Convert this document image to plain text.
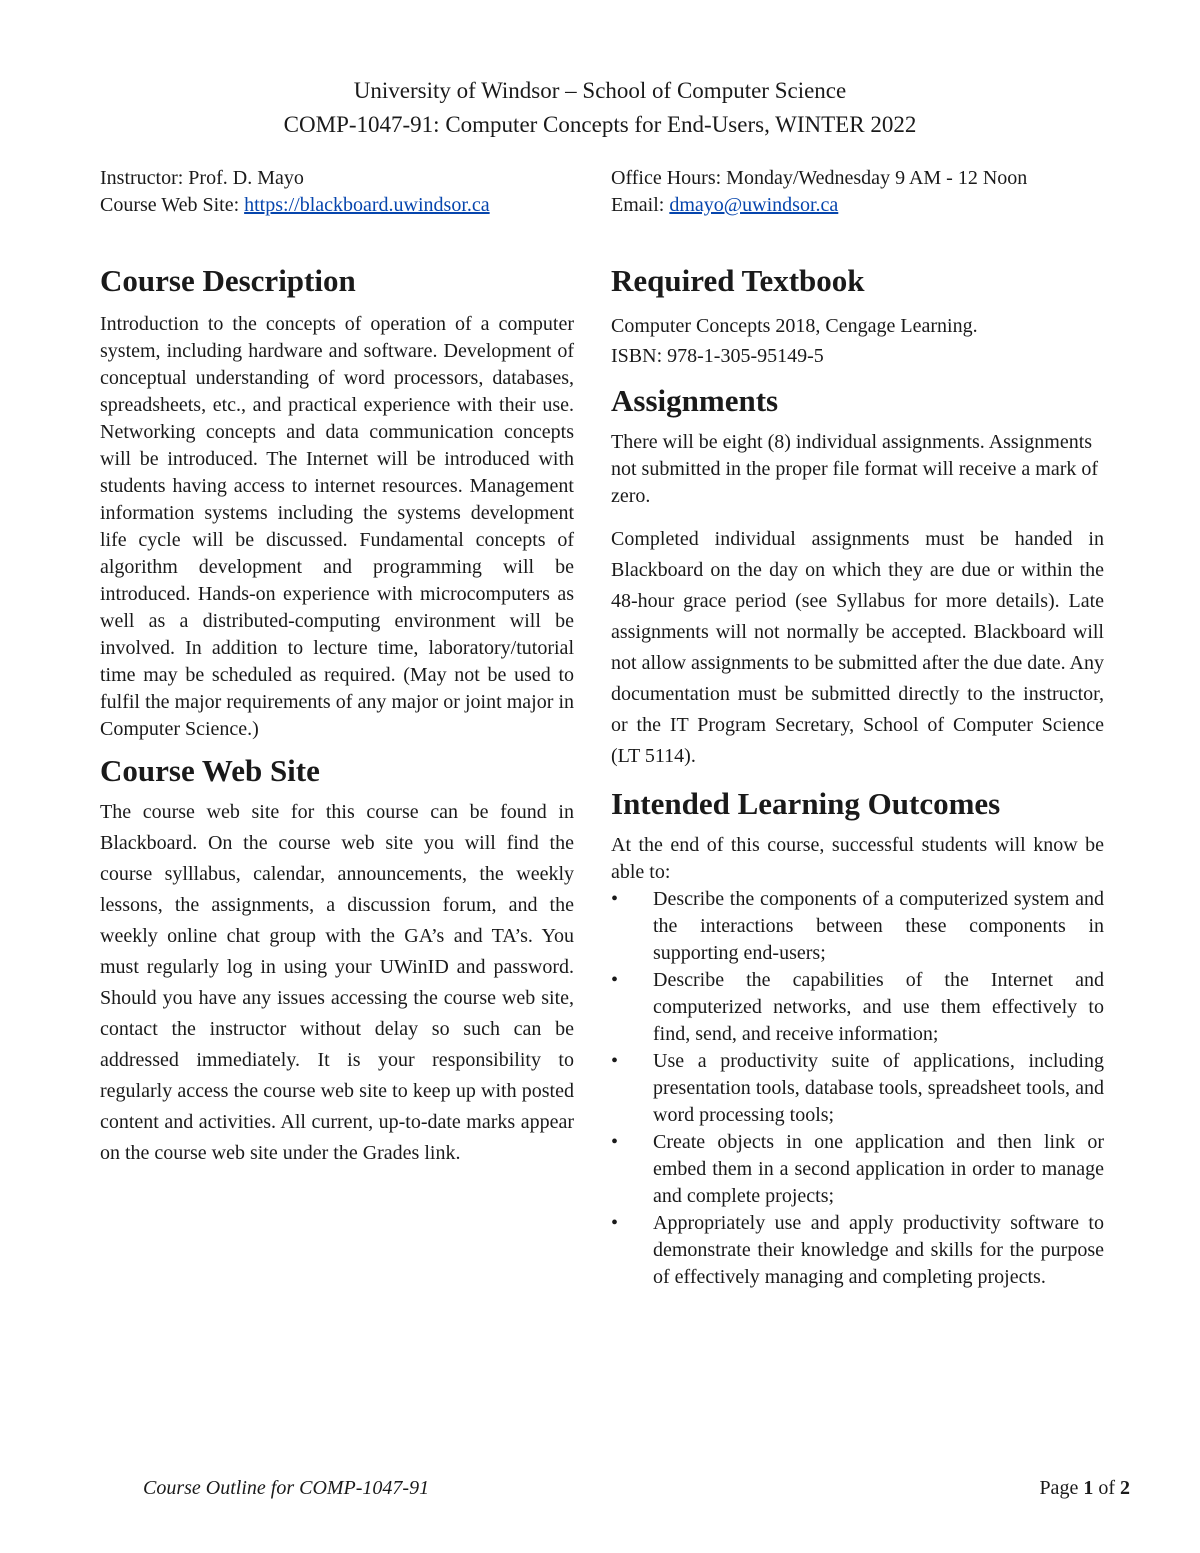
University of Windsor – School of Computer Science
COMP-1047-91: Computer Concepts for End-Users, WINTER 2022

Instructor: Prof. D. Mayo

Course Web Site: https://blackboard.uwindsor.ca

Course Description

Introduction to the concepts of operation of a computer system, including hardware and software. Development of conceptual understanding of word processors, databases, spreadsheets, etc., and practical experience with their use. Networking concepts and data communication concepts will be introduced. The Internet will be introduced with students having access to internet resources. Management information systems including the systems development life cycle will be discussed. Fundamental concepts of algorithm development and programming will be introduced. Hands-on experience with microcomputers as well as a distributed-computing environment will be involved. In addition to lecture time, laboratory/tutorial time may be scheduled as required. (May not be used to fulfil the major requirements of any major or joint major in Computer Science.)

Course Web Site

The course web site for this course can be found in Blackboard. On the course web site you will find the course sylllabus, calendar, announcements, the weekly lessons, the assignments, a discussion forum, and the weekly online chat group with the GA’s and TA’s. You must regularly log in using your UWinID and password. Should you have any issues accessing the course web site, contact the instructor without delay so such can be addressed immediately. It is your responsibility to regularly access the course web site to keep up with posted content and activities. All current, up-to-date marks appear on the course web site under the Grades link.

Office Hours: Monday/Wednesday 9 AM - 12 Noon

Email: dmayo@uwindsor.ca

Required Textbook

Computer Concepts 2018, Cengage Learning.

ISBN: 978-1-305-95149-5

Assignments

There will be eight (8) individual assignments. Assignments not submitted in the proper file format will receive a mark of zero.

Completed individual assignments must be handed in Blackboard on the day on which they are due or within the 48-hour grace period (see Syllabus for more details). Late assignments will not normally be accepted. Blackboard will not allow assignments to be submitted after the due date. Any documentation must be submitted directly to the instructor, or the IT Program Secretary, School of Computer Science (LT 5114).

Intended Learning Outcomes

At the end of this course, successful students will know be able to:

•	Describe the components of a computerized system and the interactions between these components in supporting end-users;
•	Describe the capabilities of the Internet and computerized networks, and use them effectively to find, send, and receive information;
•	Use a productivity suite of applications, including presentation tools, database tools, spreadsheet tools, and word processing tools;
•	Create objects in one application and then link or embed them in a second application in order to manage and complete projects;
•	Appropriately use and apply productivity software to demonstrate their knowledge and skills for the purpose of effectively managing and completing projects.
Course Outline for COMP-1047-91	Page 1 of 2
